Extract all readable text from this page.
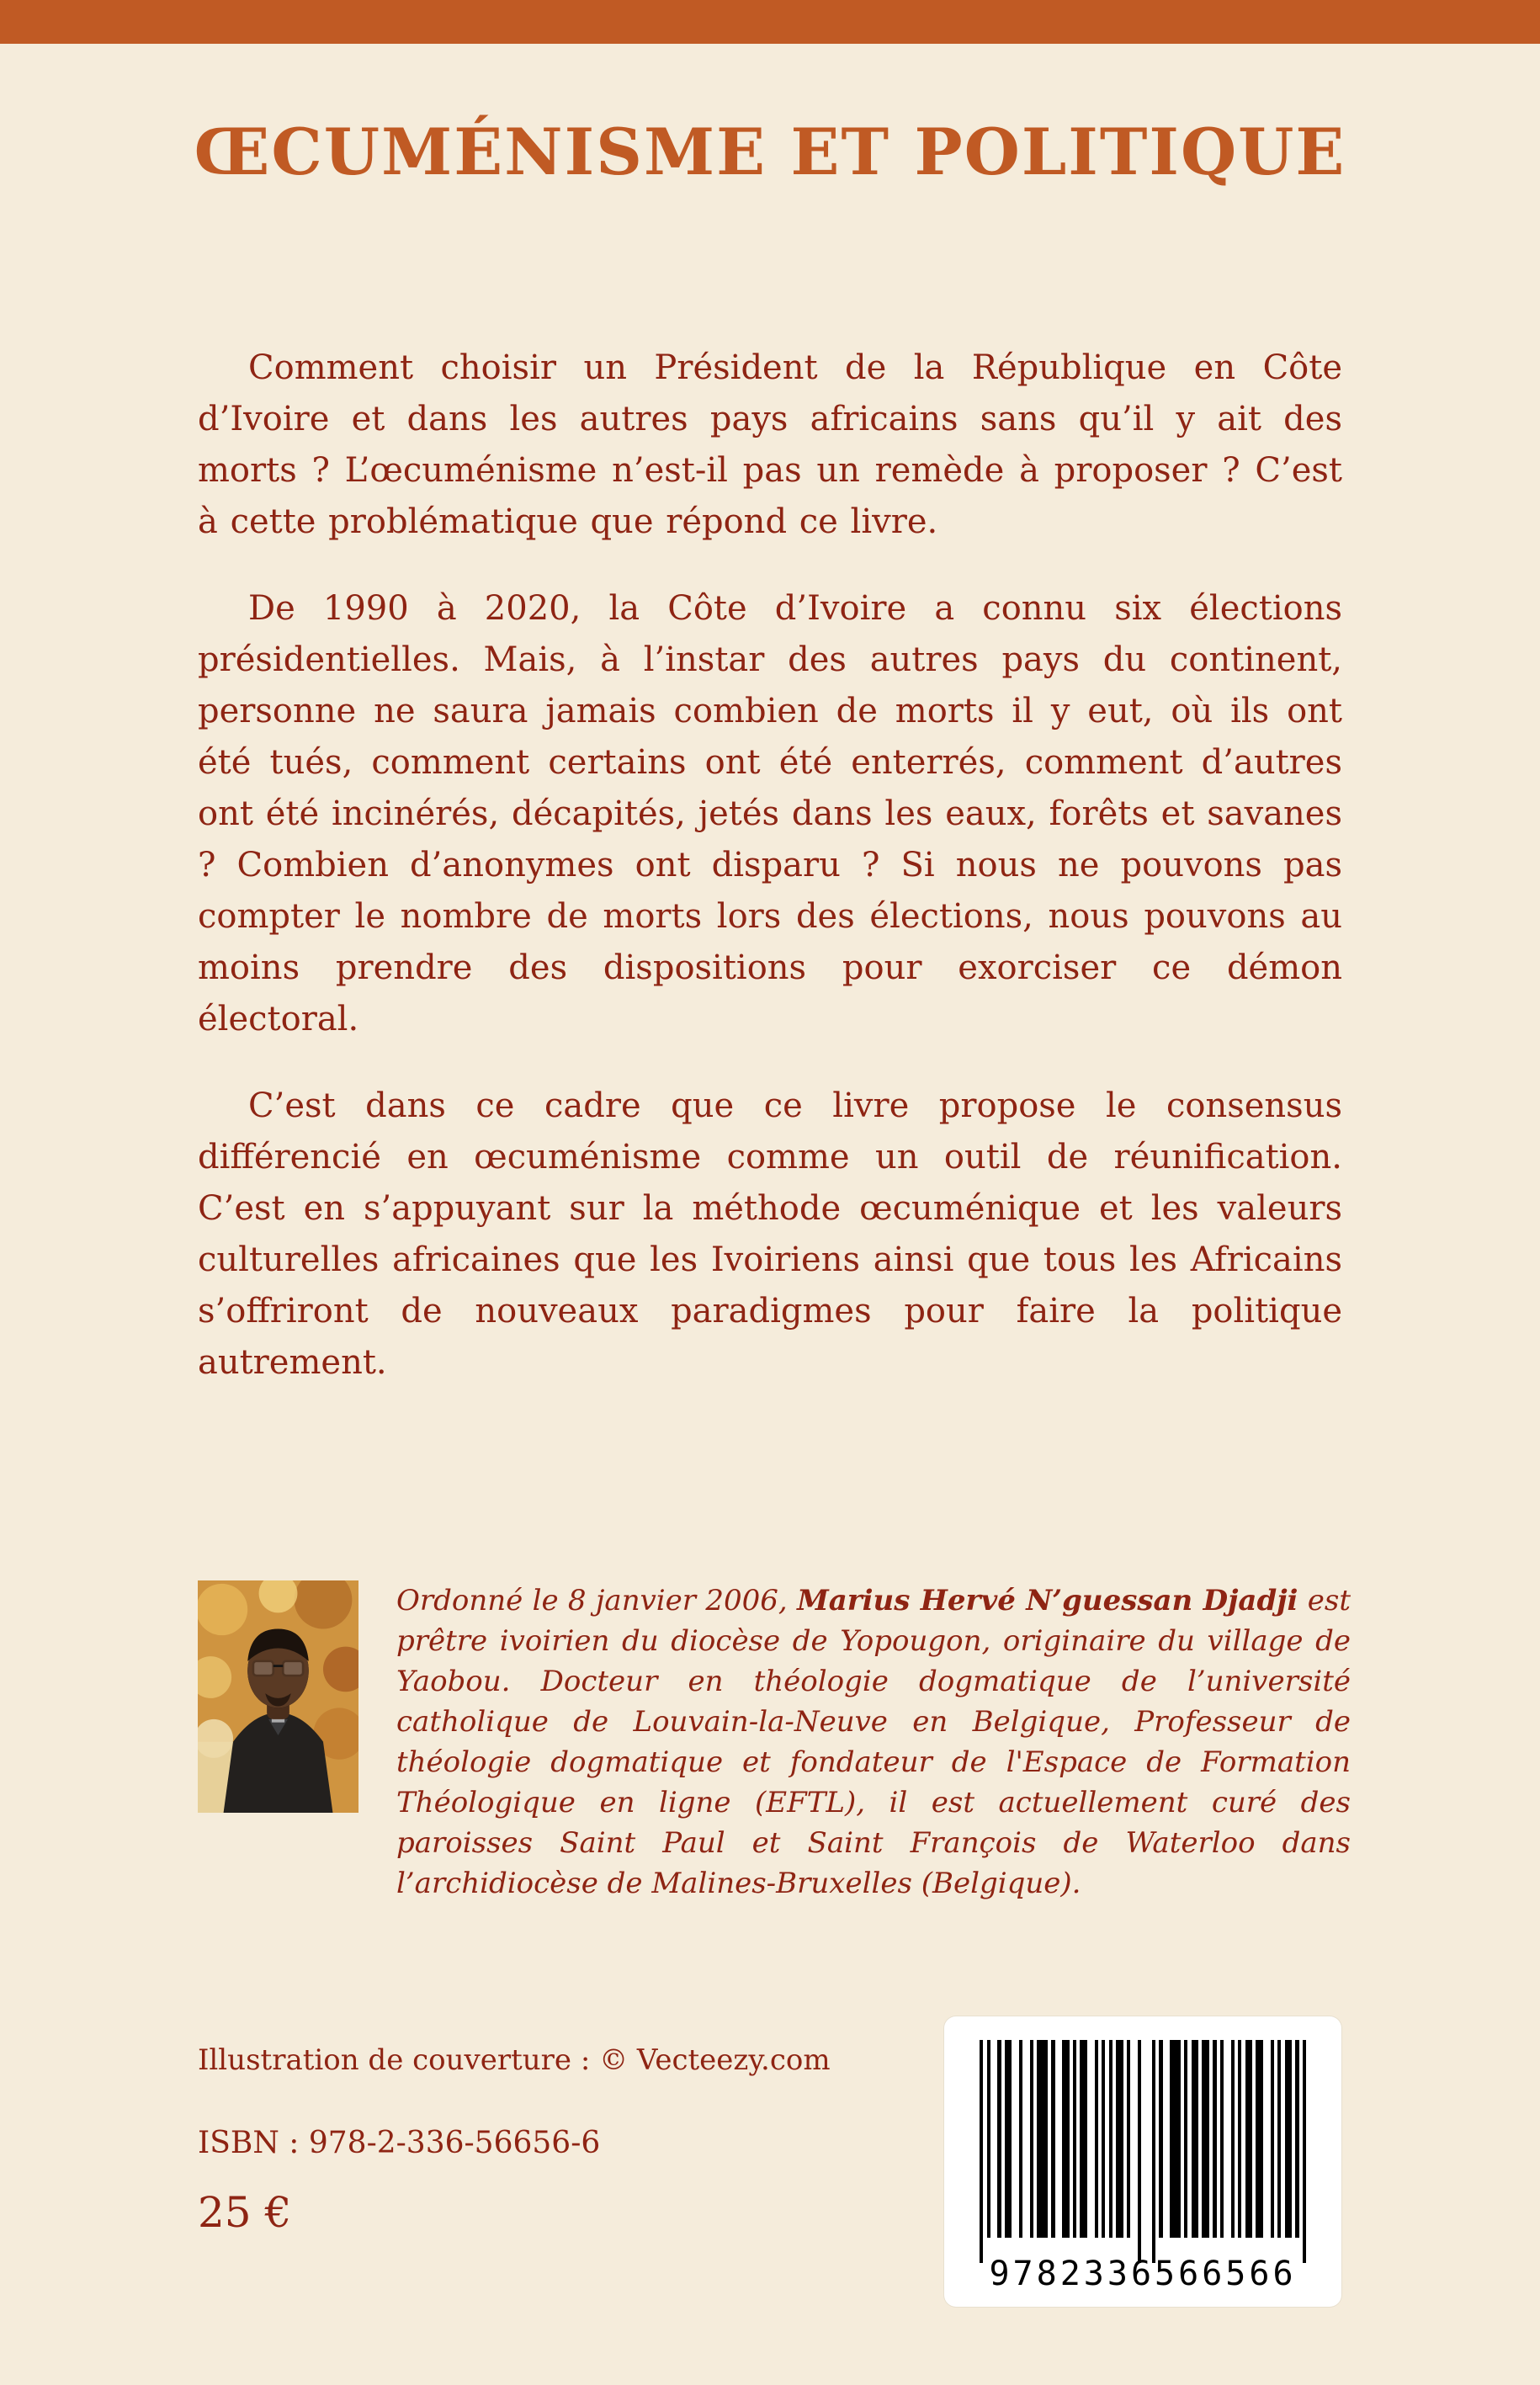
ŒCUMÉNISME ET POLITIQUE

Comment choisir un Président de la République en Côte d’Ivoire et dans les autres pays africains sans qu’il y ait des morts ? L’œcuménisme n’est-il pas un remède à proposer ? C’est à cette problématique que répond ce livre.

De 1990 à 2020, la Côte d’Ivoire a connu six élections présidentielles. Mais, à l’instar des autres pays du continent, personne ne saura jamais combien de morts il y eut, où ils ont été tués, comment certains ont été enterrés, comment d’autres ont été incinérés, décapités, jetés dans les eaux, forêts et savanes ? Combien d’anonymes ont disparu ? Si nous ne pouvons pas compter le nombre de morts lors des élections, nous pouvons au moins prendre des dispositions pour exorciser ce démon électoral.

C’est dans ce cadre que ce livre propose le consensus différencié en œcuménisme comme un outil de réunification. C’est en s’appuyant sur la méthode œcuménique et les valeurs culturelles africaines que les Ivoiriens ainsi que tous les Africains s’offriront de nouveaux paradigmes pour faire la politique autrement.

Ordonné le 8 janvier 2006, Marius Hervé N’guessan Djadji est prêtre ivoirien du diocèse de Yopougon, originaire du village de Yaobou. Docteur en théologie dogmatique de l’université catholique de Louvain-la-Neuve en Belgique, Professeur de théologie dogmatique et fondateur de l'Espace de Formation Théologique en ligne (EFTL), il est actuellement curé des paroisses Saint Paul et Saint François de Waterloo dans l’archidiocèse de Malines-Bruxelles (Belgique).

Illustration de couverture : © Vecteezy.com
ISBN : 978-2-336-56656-6
25 €
9782336566566
